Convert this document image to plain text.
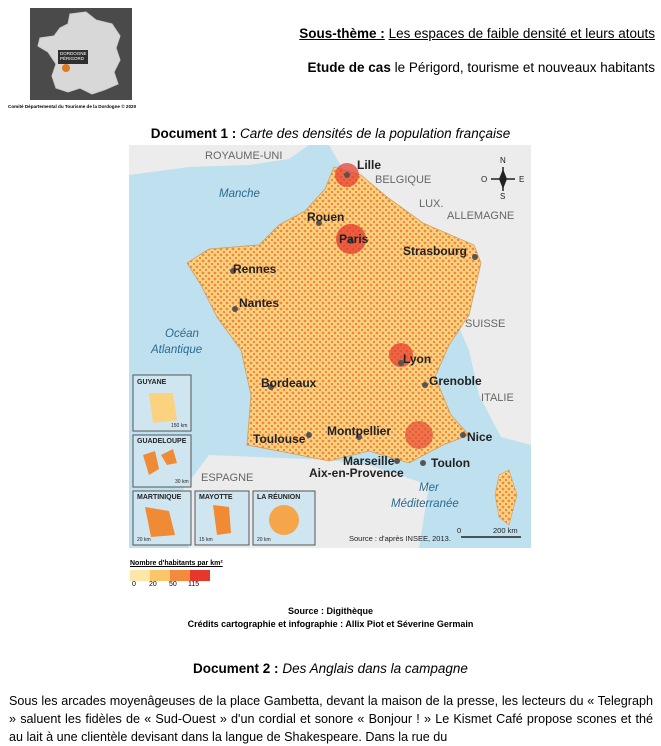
DORDOGNE
PÉRIGORD
Comité Départemental du Tourisme de la Dordogne © 2020
Sous-thème : Les espaces de faible densité et leurs atouts
Etude de cas le Périgord, tourisme et nouveaux habitants
Document 1 : Carte des densités de la population française
ROYAUME-UNI
BELGIQUE
LUX.
ALLEMAGNE
SUISSE
ITALIE
ESPAGNE
Manche
Océan
Atlantique
Mer
Méditerranée
Lille
Rouen
Paris
Strasbourg
Rennes
Nantes
Lyon
Grenoble
Bordeaux
Toulouse
Montpellier
Marseille
Aix-en-Provence
Nice
Toulon
N
O	E
S
GUYANE
GUADELOUPE
MARTINIQUE	MAYOTTE	LA RÉUNION
150 km
30 km
20 km	15 km	20 km	Source : d'après INSEE, 2013.
0	200 km
Nombre d'habitants par km²
0 20 50 115
Source : Digithèque
Crédits cartographie et infographie : Allix Piot et Séverine Germain
Document 2 : Des Anglais dans la campagne
Sous les arcades moyenâgeuses de la place Gambetta, devant la maison de la presse, les lecteurs du « Telegraph » saluent les fidèles de « Sud-Ouest » d'un cordial et sonore « Bonjour ! » Le Kismet Café propose scones et thé au lait à une clientèle devisant dans la langue de Shakespeare. Dans la rue du
